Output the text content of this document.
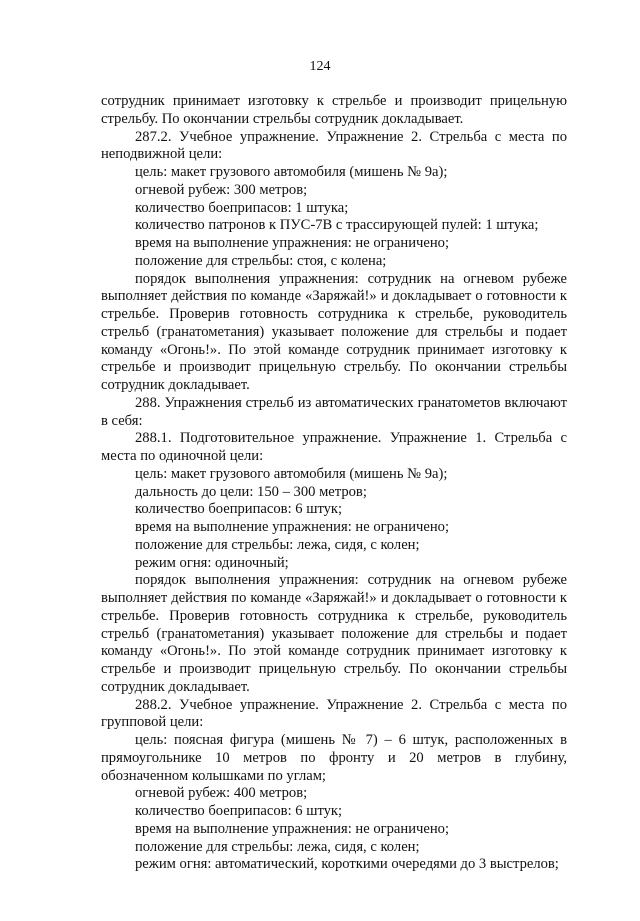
124

сотрудник принимает изготовку к стрельбе и производит прицельную стрельбу. По окончании стрельбы сотрудник докладывает.

287.2. Учебное упражнение. Упражнение 2. Стрельба с места по неподвижной цели:

цель: макет грузового автомобиля (мишень № 9а);

огневой рубеж: 300 метров;

количество боеприпасов: 1 штука;

количество патронов к ПУС-7В с трассирующей пулей: 1 штука;

время на выполнение упражнения: не ограничено;

положение для стрельбы: стоя, с колена;

порядок выполнения упражнения: сотрудник на огневом рубеже выполняет действия по команде «Заряжай!» и докладывает о готовности к стрельбе. Проверив готовность сотрудника к стрельбе, руководитель стрельб (гранатометания) указывает положение для стрельбы и подает команду «Огонь!». По этой команде сотрудник принимает изготовку к стрельбе и производит прицельную стрельбу. По окончании стрельбы сотрудник докладывает.

288. Упражнения стрельб из автоматических гранатометов включают в себя:

288.1. Подготовительное упражнение. Упражнение 1. Стрельба с места по одиночной цели:

цель: макет грузового автомобиля (мишень № 9а);

дальность до цели: 150 – 300 метров;

количество боеприпасов: 6 штук;

время на выполнение упражнения: не ограничено;

положение для стрельбы: лежа, сидя, с колен;

режим огня: одиночный;

порядок выполнения упражнения: сотрудник на огневом рубеже выполняет действия по команде «Заряжай!» и докладывает о готовности к стрельбе. Проверив готовность сотрудника к стрельбе, руководитель стрельб (гранатометания) указывает положение для стрельбы и подает команду «Огонь!». По этой команде сотрудник принимает изготовку к стрельбе и производит прицельную стрельбу. По окончании стрельбы сотрудник докладывает.

288.2. Учебное упражнение. Упражнение 2. Стрельба с места по групповой цели:

цель: поясная фигура (мишень № 7) – 6 штук, расположенных в прямоугольнике 10 метров по фронту и 20 метров в глубину, обозначенном колышками по углам;

огневой рубеж: 400 метров;

количество боеприпасов: 6 штук;

время на выполнение упражнения: не ограничено;

положение для стрельбы: лежа, сидя, с колен;

режим огня: автоматический, короткими очередями до 3 выстрелов;
